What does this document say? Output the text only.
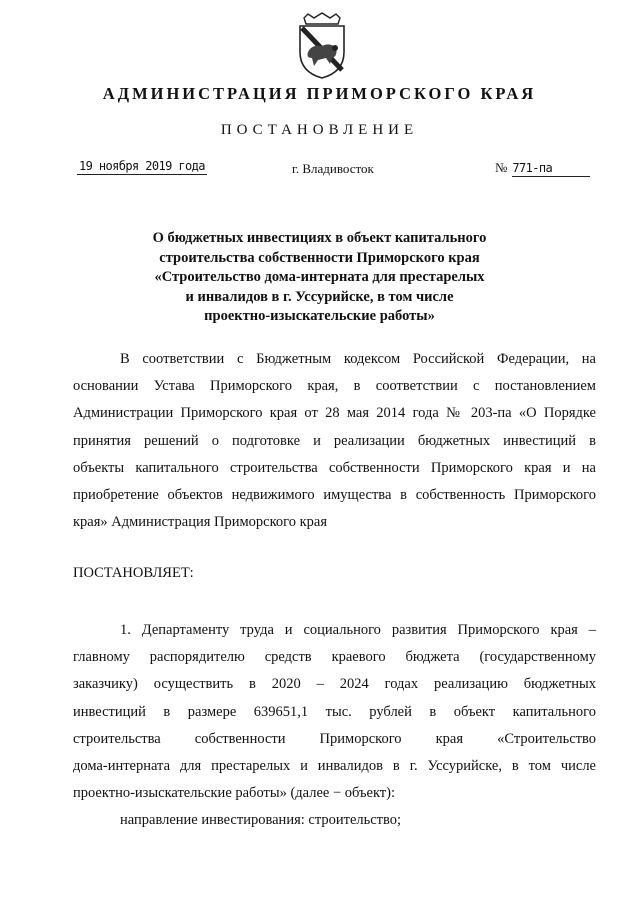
АДМИНИСТРАЦИЯ ПРИМОРСКОГО КРАЯ
ПОСТАНОВЛЕНИЕ
19 ноября 2019 года	г. Владивосток	№ 771-па
О бюджетных инвестициях в объект капитального
строительства собственности Приморского края
«Строительство дома-интерната для престарелых
и инвалидов в г. Уссурийске, в том числе
проектно-изыскательские работы»
В соответствии с Бюджетным кодексом Российской Федерации, на
основании Устава Приморского края, в соответствии с постановлением
Администрации Приморского края от 28 мая 2014 года № 203-па «О Порядке
принятия решений о подготовке и реализации бюджетных инвестиций в
объекты капитального строительства собственности Приморского края и на
приобретение объектов недвижимого имущества в собственность Приморского
края» Администрация Приморского края
ПОСТАНОВЛЯЕТ:
1. Департаменту труда и социального развития Приморского края –
главному распорядителю средств краевого бюджета (государственному
заказчику) осуществить в 2020 – 2024 годах реализацию бюджетных
инвестиций в размере 639651,1 тыс. рублей в объект капитального
строительства собственности Приморского края «Строительство
дома-интерната для престарелых и инвалидов в г. Уссурийске, в том числе
проектно-изыскательские работы» (далее − объект):
направление инвестирования: строительство;
